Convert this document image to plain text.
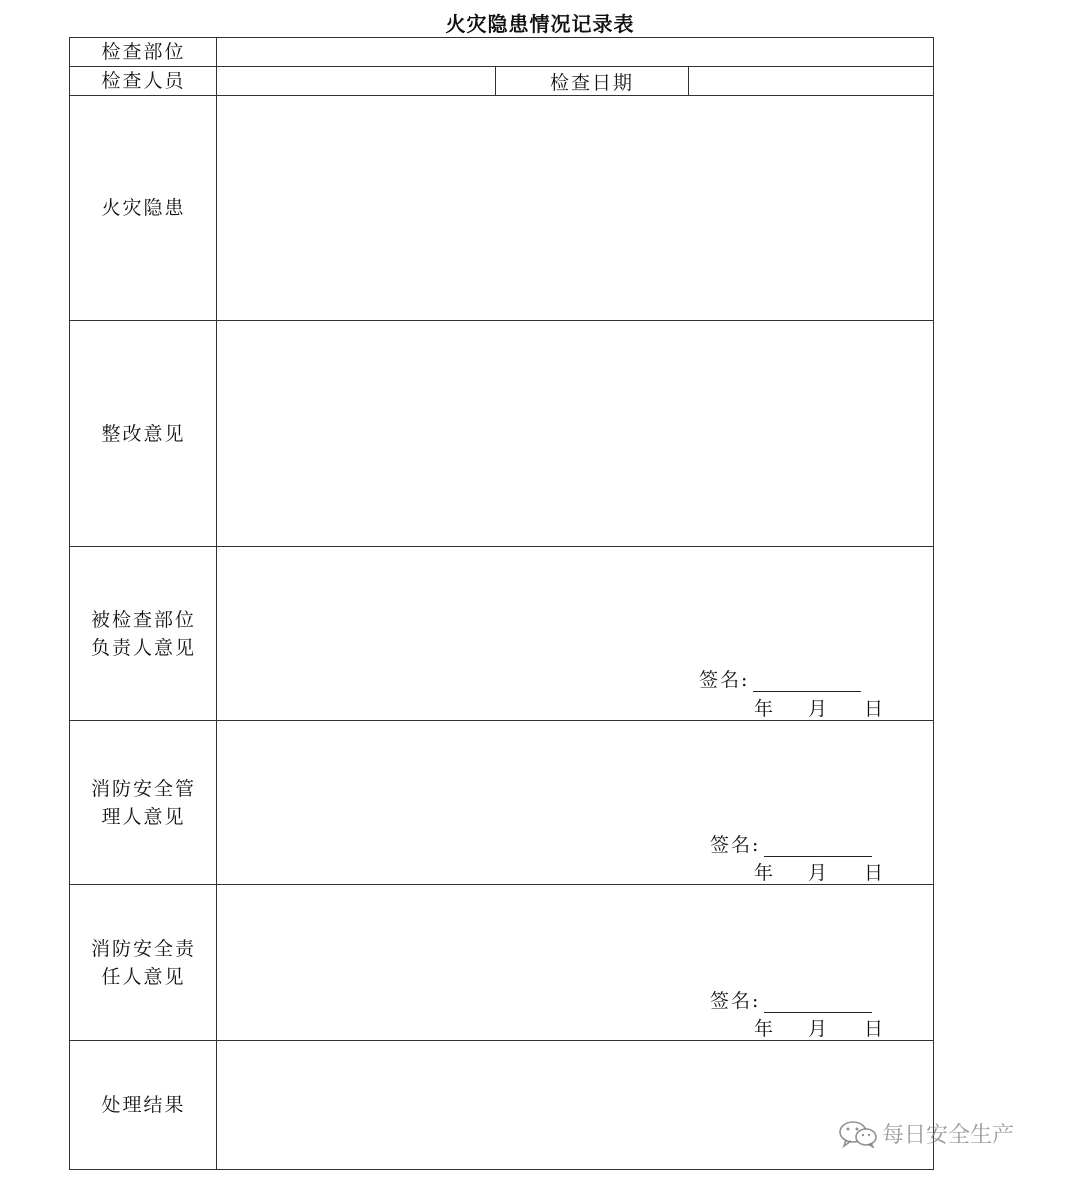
火灾隐患情况记录表
检查部位
检查人员	检查日期
火灾隐患
整改意见
被检查部位负责人意见
签名:
年 月 日
消防安全管理人意见
签名:
年 月 日
消防安全责任人意见
签名:
年 月 日
处理结果
每日安全生产
